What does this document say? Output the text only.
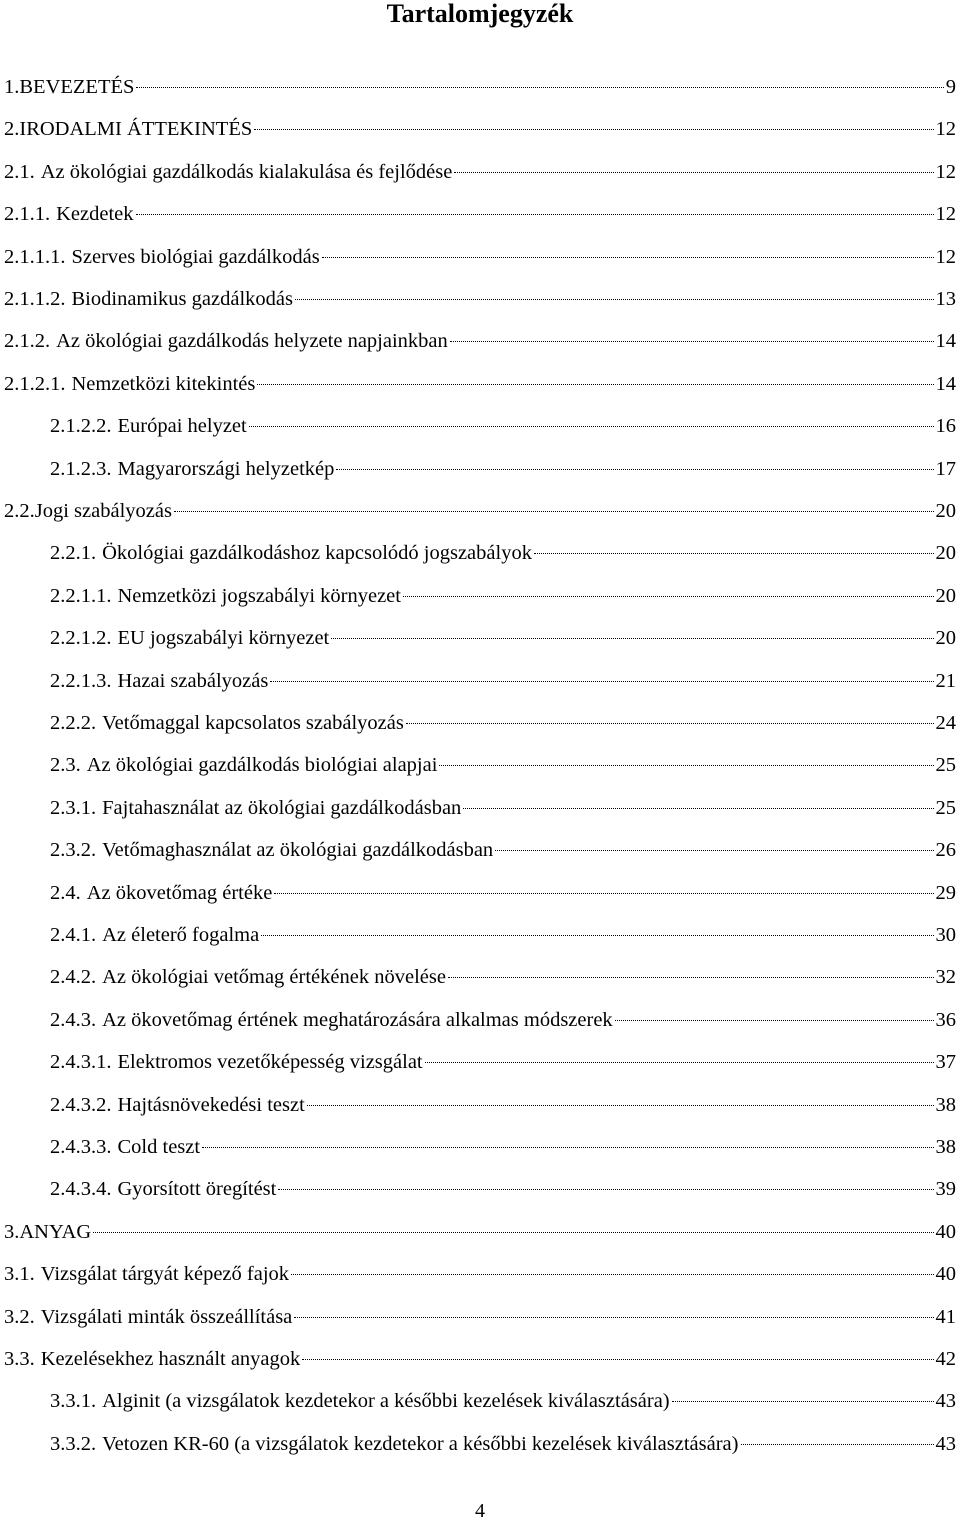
Tartalomjegyzék
1.BEVEZETÉS	9
2.IRODALMI ÁTTEKINTÉS	12
2.1. Az ökológiai gazdálkodás kialakulása és fejlődése	12
2.1.1. Kezdetek	12
2.1.1.1. Szerves biológiai gazdálkodás	12
2.1.1.2. Biodinamikus gazdálkodás	13
2.1.2. Az ökológiai gazdálkodás helyzete napjainkban	14
2.1.2.1. Nemzetközi kitekintés	14
2.1.2.2. Európai helyzet	16
2.1.2.3. Magyarországi helyzetkép	17
2.2.Jogi szabályozás	20
2.2.1. Ökológiai gazdálkodáshoz kapcsolódó jogszabályok	20
2.2.1.1. Nemzetközi jogszabályi környezet	20
2.2.1.2. EU jogszabályi környezet	20
2.2.1.3. Hazai szabályozás	21
2.2.2. Vetőmaggal kapcsolatos szabályozás	24
2.3. Az ökológiai gazdálkodás biológiai alapjai	25
2.3.1. Fajtahasználat az ökológiai gazdálkodásban	25
2.3.2. Vetőmaghasználat az ökológiai gazdálkodásban	26
2.4. Az ökovetőmag értéke	29
2.4.1. Az életerő fogalma	30
2.4.2. Az ökológiai vetőmag értékének növelése	32
2.4.3. Az ökovetőmag értének meghatározására alkalmas módszerek	36
2.4.3.1. Elektromos vezetőképesség vizsgálat	37
2.4.3.2. Hajtásnövekedési teszt	38
2.4.3.3. Cold teszt	38
2.4.3.4. Gyorsított öregítést	39
3.ANYAG	40
3.1. Vizsgálat tárgyát képező fajok	40
3.2. Vizsgálati minták összeállítása	41
3.3. Kezelésekhez használt anyagok	42
3.3.1. Alginit (a vizsgálatok kezdetekor a későbbi kezelések kiválasztására)	43
3.3.2. Vetozen KR-60 (a vizsgálatok kezdetekor a későbbi kezelések kiválasztására)	43
4
